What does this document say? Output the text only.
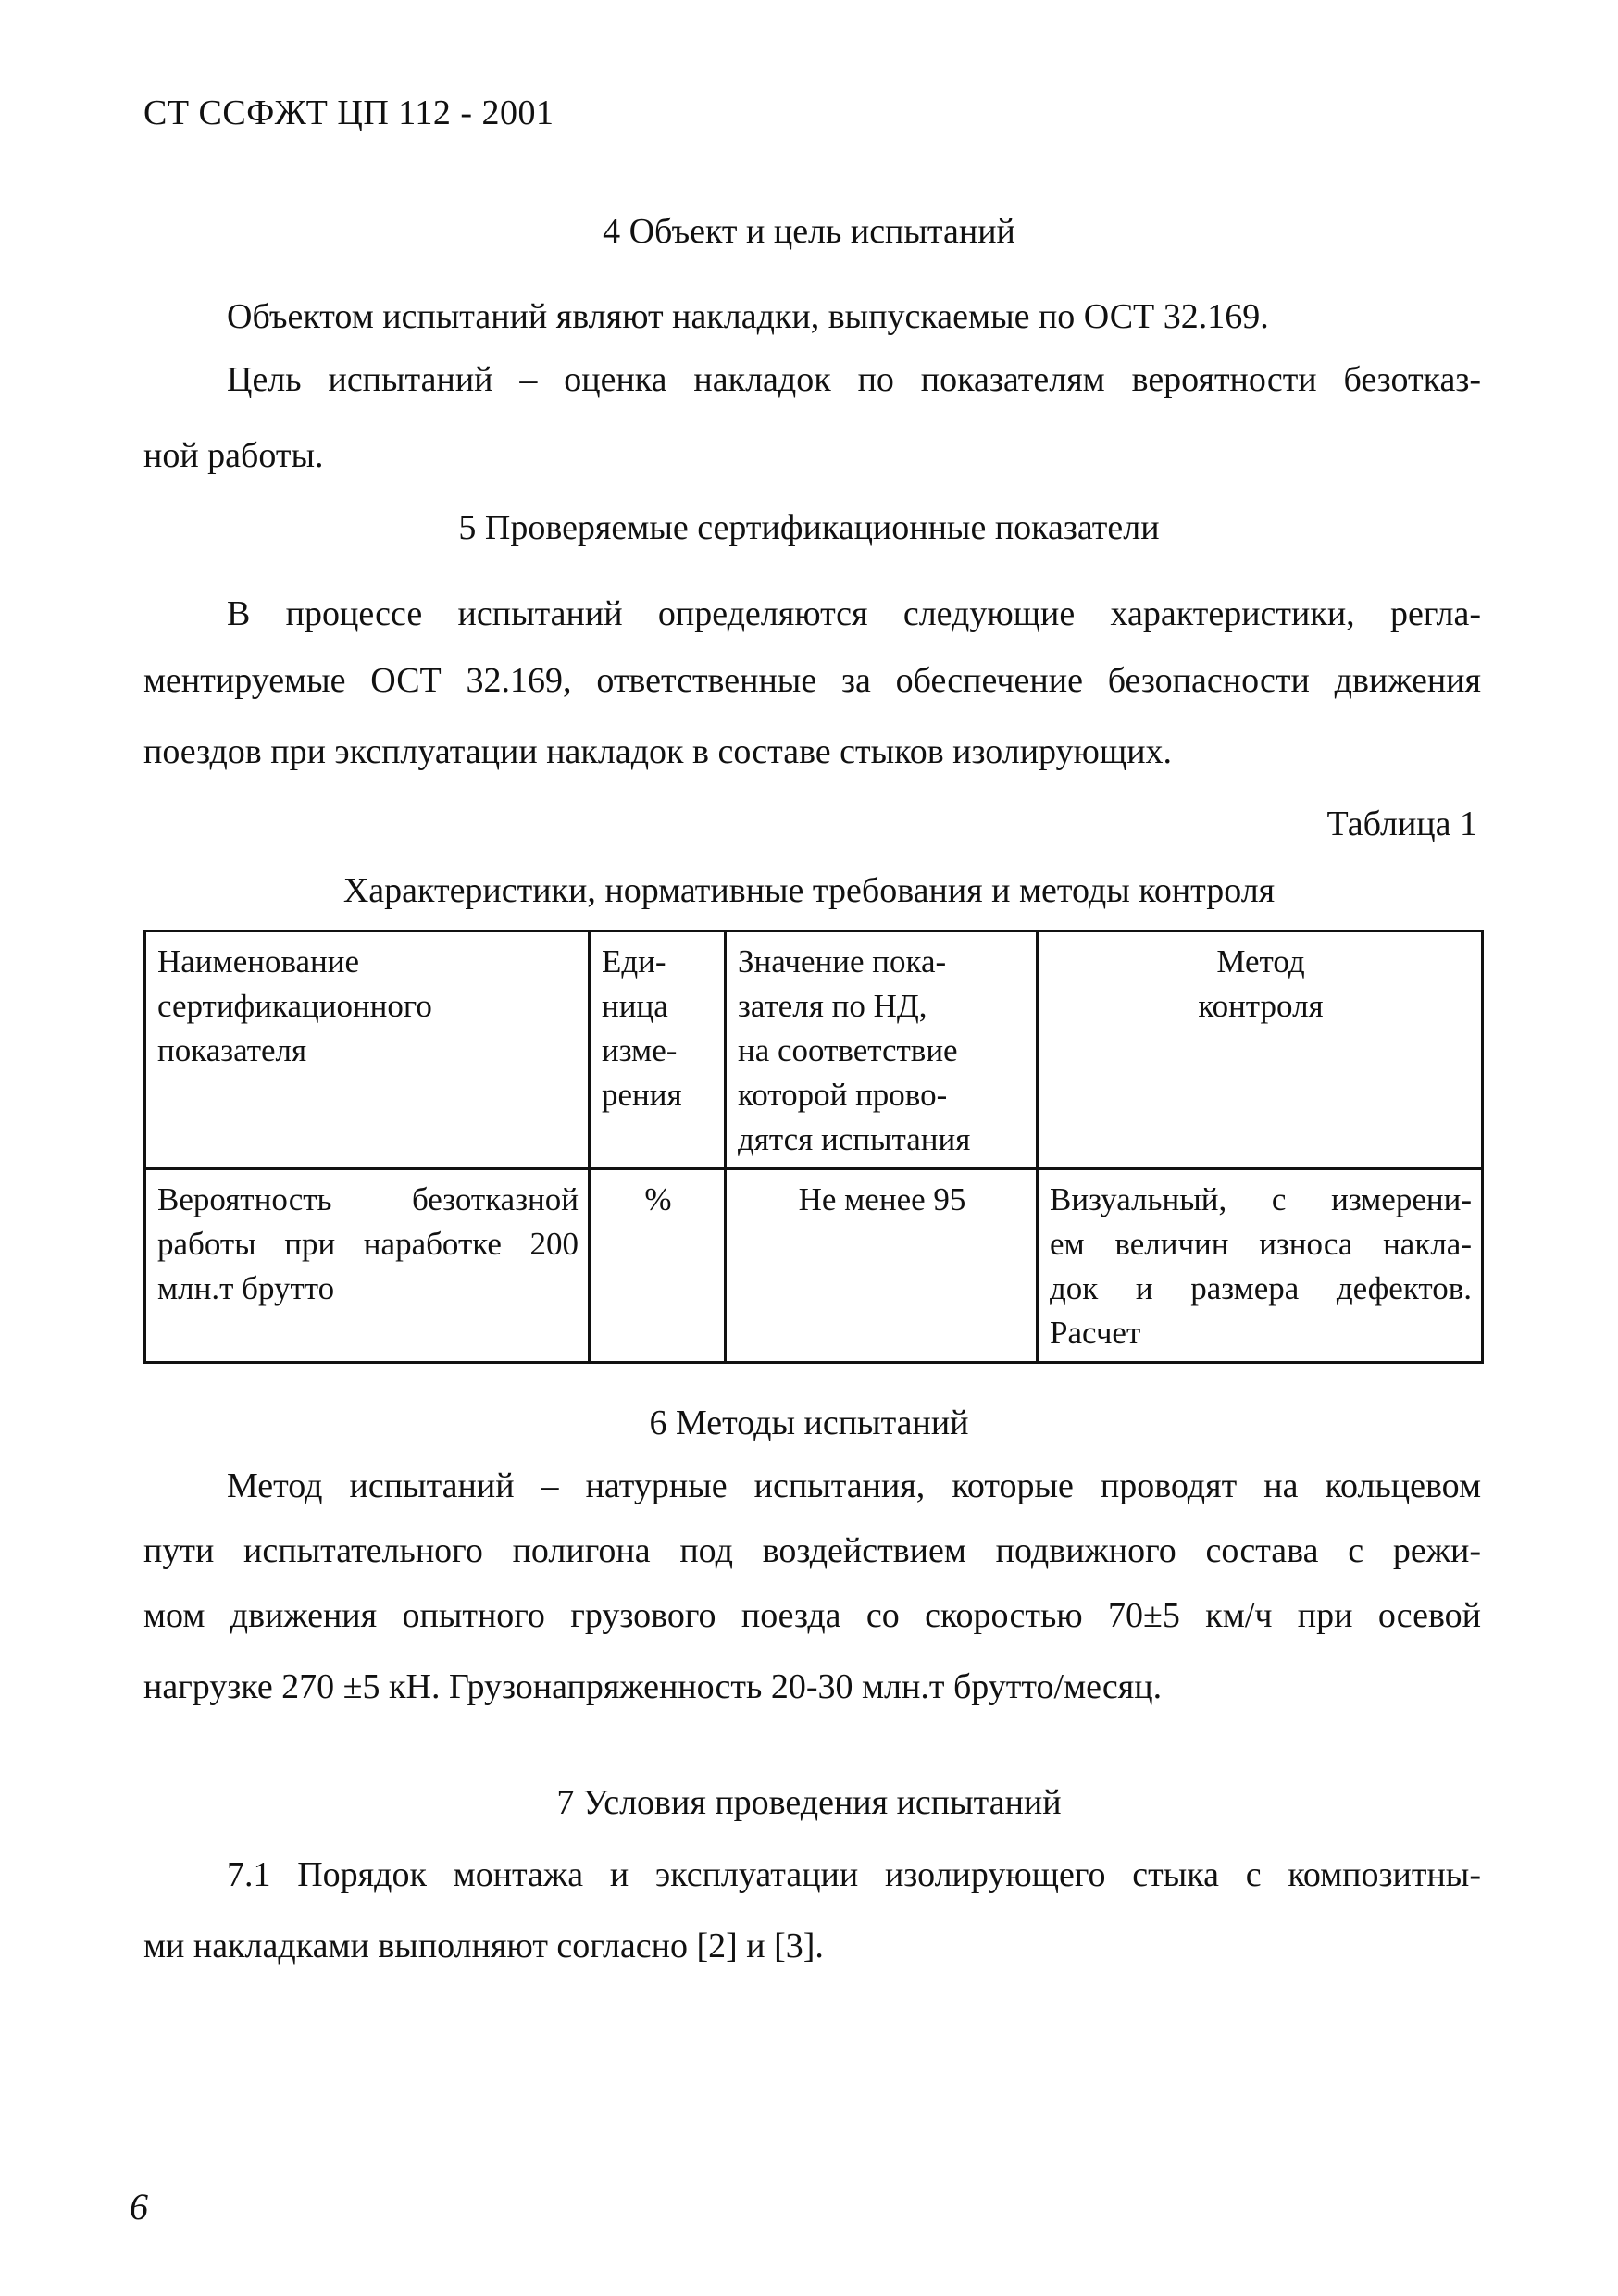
СТ ССФЖТ ЦП 112 - 2001
4 Объект и цель испытаний
Объектом испытаний являют накладки, выпускаемые по ОСТ 32.169.
Цель испытаний – оценка накладок по показателям вероятности безотказ-
ной работы.
5 Проверяемые сертификационные показатели
В процессе испытаний определяются следующие характеристики, регла-
ментируемые ОСТ 32.169, ответственные за обеспечение безопасности движения
поездов при эксплуатации накладок в составе стыков изолирующих.
Таблица 1
Характеристики, нормативные требования и методы контроля
Наименование
сертификационного
показателя	Еди-
ница
изме-
рения	Значение пока-
зателя по НД,
на соответствие
которой прово-
дятся испытания	Метод
контроля

Вероятность безотказной
работы при наработке 200
млн.т брутто	%	Не менее 95	Визуальный, с измерени-
ем величин износа накла-
док и размера дефектов.
Расчет
6 Методы испытаний
Метод испытаний – натурные испытания, которые проводят на кольцевом
пути испытательного полигона под воздействием подвижного состава с режи-
мом движения опытного грузового поезда со скоростью 70±5 км/ч при осевой
нагрузке 270 ±5 кН. Грузонапряженность 20-30 млн.т брутто/месяц.
7 Условия проведения испытаний
7.1 Порядок монтажа и эксплуатации изолирующего стыка с композитны-
ми накладками выполняют согласно [2] и [3].
6
